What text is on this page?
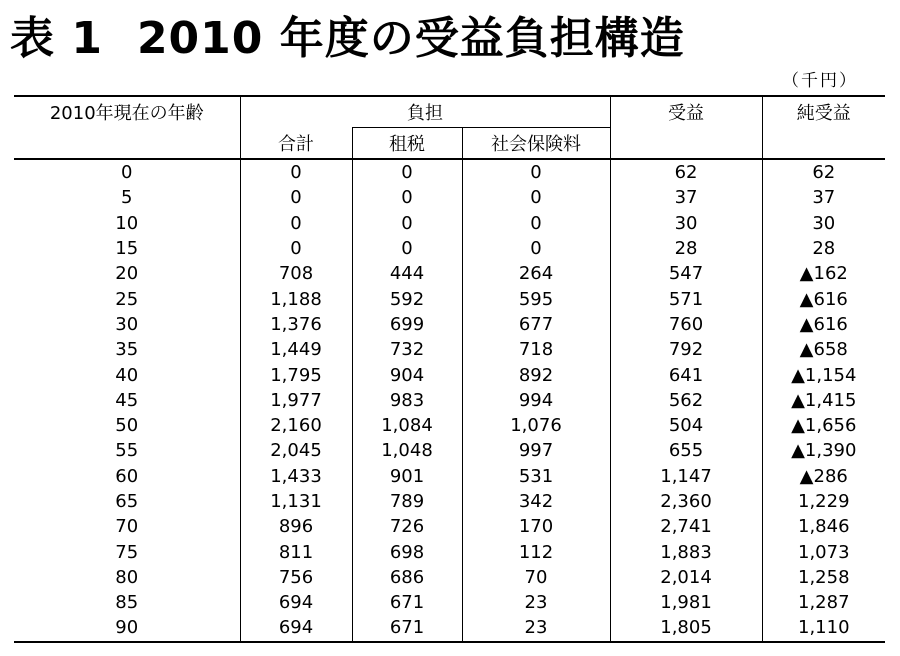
表 1 2010 年度の受益負担構造
（千円）
2010年現在の年齢	負担			受益	純受益
	合計	租税	社会保険料		
0	0	0	0	62	62
5	0	0	0	37	37
10	0	0	0	30	30
15	0	0	0	28	28
20	708	444	264	547	▲162
25	1,188	592	595	571	▲616
30	1,376	699	677	760	▲616
35	1,449	732	718	792	▲658
40	1,795	904	892	641	▲1,154
45	1,977	983	994	562	▲1,415
50	2,160	1,084	1,076	504	▲1,656
55	2,045	1,048	997	655	▲1,390
60	1,433	901	531	1,147	▲286
65	1,131	789	342	2,360	1,229
70	896	726	170	2,741	1,846
75	811	698	112	1,883	1,073
80	756	686	70	2,014	1,258
85	694	671	23	1,981	1,287
90	694	671	23	1,805	1,110
